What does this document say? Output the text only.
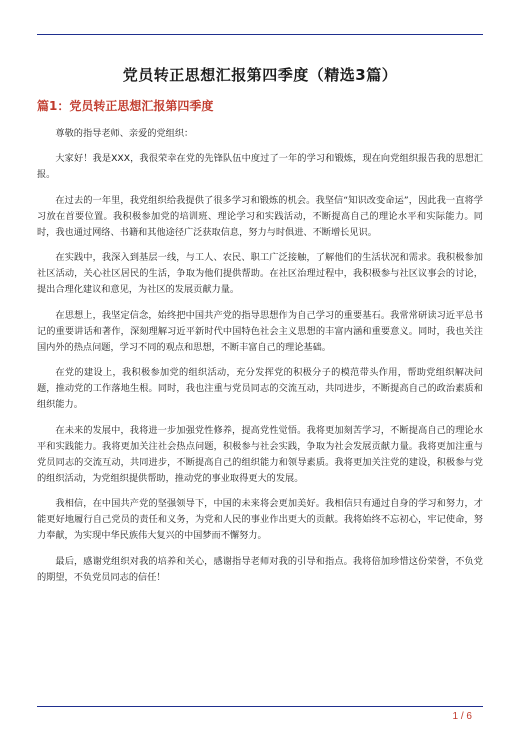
党员转正思想汇报第四季度（精选3篇）
篇1：党员转正思想汇报第四季度

尊敬的指导老师、亲爱的党组织：

大家好！我是XXX，我很荣幸在党的先锋队伍中度过了一年的学习和锻炼，现在向党组织报告我的思想汇报。

在过去的一年里，我党组织给我提供了很多学习和锻炼的机会。我坚信“知识改变命运”，因此我一直将学习放在首要位置。我积极参加党的培训班、理论学习和实践活动，不断提高自己的理论水平和实际能力。同时，我也通过网络、书籍和其他途径广泛获取信息，努力与时俱进、不断增长见识。

在实践中，我深入到基层一线，与工人、农民、职工广泛接触，了解他们的生活状况和需求。我积极参加社区活动，关心社区居民的生活，争取为他们提供帮助。在社区治理过程中，我积极参与社区议事会的讨论，提出合理化建议和意见，为社区的发展贡献力量。

在思想上，我坚定信念，始终把中国共产党的指导思想作为自己学习的重要基石。我常常研读习近平总书记的重要讲话和著作，深刻理解习近平新时代中国特色社会主义思想的丰富内涵和重要意义。同时，我也关注国内外的热点问题，学习不同的观点和思想，不断丰富自己的理论基础。

在党的建设上，我积极参加党的组织活动，充分发挥党的积极分子的模范带头作用，帮助党组织解决问题，推动党的工作落地生根。同时，我也注重与党员同志的交流互动，共同进步，不断提高自己的政治素质和组织能力。

在未来的发展中，我将进一步加强党性修养，提高党性觉悟。我将更加刻苦学习，不断提高自己的理论水平和实践能力。我将更加关注社会热点问题，积极参与社会实践，争取为社会发展贡献力量。我将更加注重与党员同志的交流互动，共同进步，不断提高自己的组织能力和领导素质。我将更加关注党的建设，积极参与党的组织活动，为党组织提供帮助，推动党的事业取得更大的发展。

我相信，在中国共产党的坚强领导下，中国的未来将会更加美好。我相信只有通过自身的学习和努力，才能更好地履行自己党员的责任和义务，为党和人民的事业作出更大的贡献。我将始终不忘初心，牢记使命，努力奉献，为实现中华民族伟大复兴的中国梦而不懈努力。

最后，感谢党组织对我的培养和关心，感谢指导老师对我的引导和指点。我将倍加珍惜这份荣誉，不负党的期望，不负党员同志的信任！

1 / 6
